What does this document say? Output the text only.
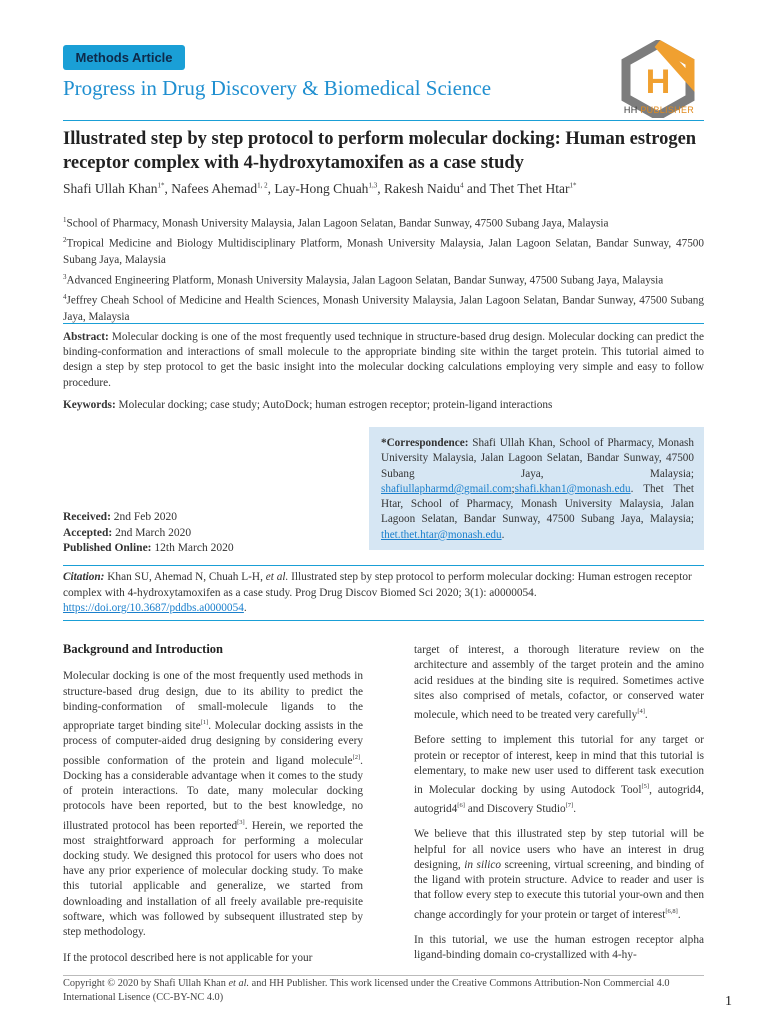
Methods Article
Progress in Drug Discovery & Biomedical Science	H
HH PUBLISHER
Illustrated step by step protocol to perform molecular docking: Human estrogen receptor complex with 4-hydroxytamoxifen as a case study
Shafi Ullah Khan$^{1*}$, Nafees Ahemad$^{1, 2}$, Lay-Hong Chuah$^{1,3}$, Rakesh Naidu$^4$ and Thet Thet Htar$^{1*}$

$^1$School of Pharmacy, Monash University Malaysia, Jalan Lagoon Selatan, Bandar Sunway, 47500 Subang Jaya, Malaysia

$^2$Tropical Medicine and Biology Multidisciplinary Platform, Monash University Malaysia, Jalan Lagoon Selatan, Bandar Sunway, 47500 Subang Jaya, Malaysia

$^3$Advanced Engineering Platform, Monash University Malaysia, Jalan Lagoon Selatan, Bandar Sunway, 47500 Subang Jaya, Malaysia

$^4$Jeffrey Cheah School of Medicine and Health Sciences, Monash University Malaysia, Jalan Lagoon Selatan, Bandar Sunway, 47500 Subang Jaya, Malaysia

Abstract: Molecular docking is one of the most frequently used technique in structure-based drug design. Molecular docking can predict the binding-conformation and interactions of small molecule to the appropriate binding site within the target protein. This tutorial aimed to design a step by step protocol to get the basic insight into the molecular docking calculations employing very simple and easy to follow procedure.
Keywords: Molecular docking; case study; AutoDock; human estrogen receptor; protein-ligand interactions
*Correspondence: Shafi Ullah Khan, School of Pharmacy, Monash University Malaysia, Jalan Lagoon Selatan, Bandar Sunway, 47500 Subang Jaya, Malaysia; shafiullapharmd@gmail.com;shafi.khan1@monash.edu. Thet Thet Htar, School of Pharmacy, Monash University Malaysia, Jalan Lagoon Selatan, Bandar Sunway, 47500 Subang Jaya, Malaysia; thet.thet.htar@monash.edu.
Received: 2nd Feb 2020
Accepted: 2nd March 2020
Published Online: 12th March 2020
Citation: Khan SU, Ahemad N, Chuah L-H, et al. Illustrated step by step protocol to perform molecular docking: Human estrogen receptor complex with 4-hydroxytamoxifen as a case study. Prog Drug Discov Biomed Sci 2020; 3(1): a0000054. https://doi.org/10.3687/pddbs.a0000054.
Background and Introduction

Molecular docking is one of the most frequently used methods in structure-based drug design, due to its ability to predict the binding-conformation of small-molecule ligands to the appropriate target binding site[1]. Molecular docking assists in the process of computer-aided drug designing by considering every possible conformation of the protein and ligand molecule[2]. Docking has a considerable advantage when it comes to the study of protein interactions. To date, many molecular docking protocols have been reported, but to the best knowledge, no illustrated protocol has been reported[3]. Herein, we reported the most straightforward approach for performing a molecular docking study. We designed this protocol for users who does not have any prior experience of molecular docking study. To make this tutorial applicable and generalize, we started from downloading and installation of all freely available pre-requisite software, which was followed by subsequent illustrated step by step methodology.

If the protocol described here is not applicable for your

target of interest, a thorough literature review on the architecture and assembly of the target protein and the amino acid residues at the binding site is required. Sometimes active sites also comprised of metals, cofactor, or conserved water molecule, which need to be treated very carefully[4].

Before setting to implement this tutorial for any target or protein or receptor of interest, keep in mind that this tutorial is elementary, to make new user used to different task execution in Molecular docking by using Autodock Tool[5], autogrid4, autogrid4[6] and Discovery Studio[7].

We believe that this illustrated step by step tutorial will be helpful for all novice users who have an interest in drug designing, in silico screening, virtual screening, and binding of the ligand with protein structure. Advice to reader and user is that follow every step to execute this tutorial your-own and then change accordingly for your protein or target of interest[6,8].

In this tutorial, we use the human estrogen receptor alpha ligand-binding domain co-crystallized with 4-hy-

Copyright © 2020 by Shafi Ullah Khan et al. and HH Publisher. This work licensed under the Creative Commons Attribution-Non Commercial 4.0 International Lisence (CC-BY-NC 4.0)	1
